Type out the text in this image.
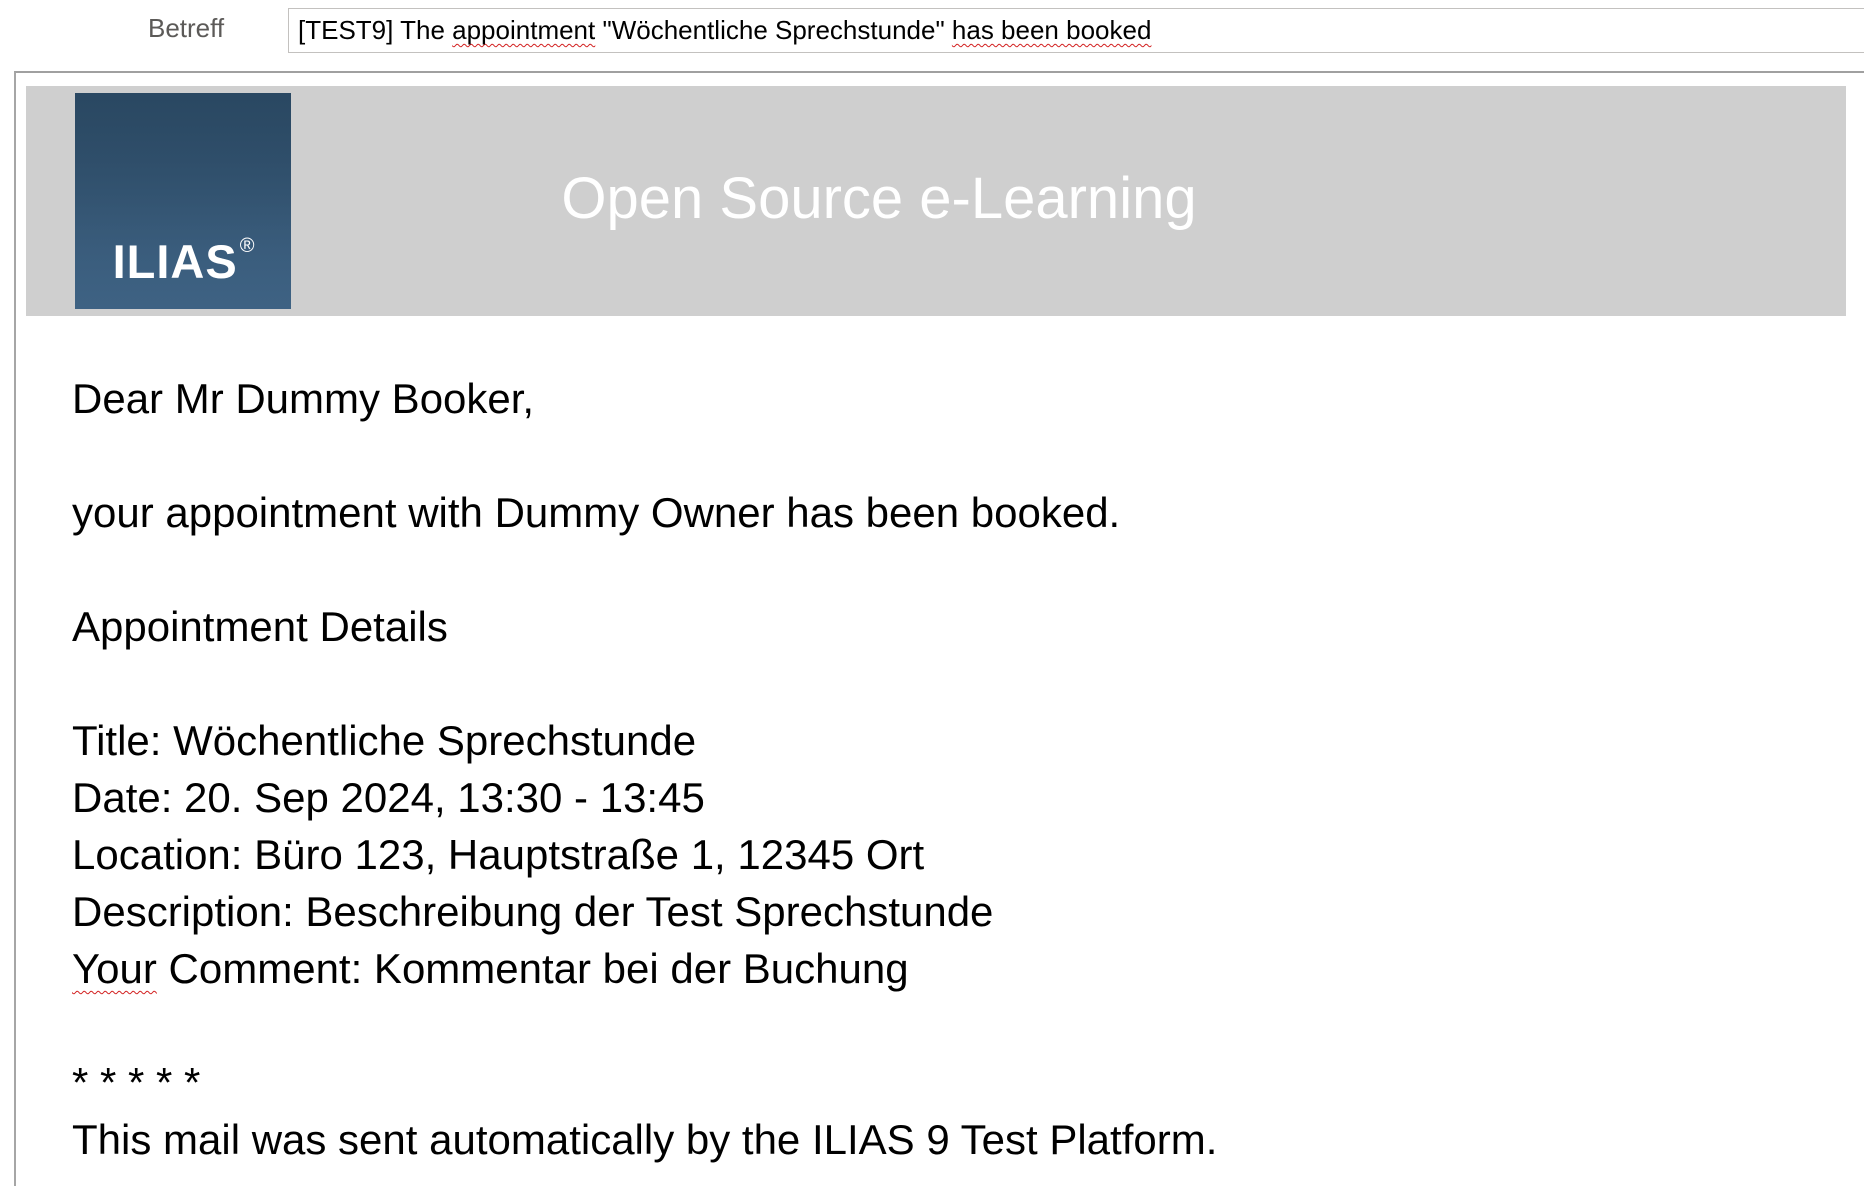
Betreff	[TEST9] The appointment "Wöchentliche Sprechstunde" has been booked
ILIAS ®
Open Source e-Learning
Dear Mr Dummy Booker,
your appointment with Dummy Owner has been booked.
Appointment Details
Title: Wöchentliche Sprechstunde
Date: 20. Sep 2024, 13:30 - 13:45
Location: Büro 123, Hauptstraße 1, 12345 Ort
Description: Beschreibung der Test Sprechstunde
Your Comment: Kommentar bei der Buchung
* * * * *
This mail was sent automatically by the ILIAS 9 Test Platform.
